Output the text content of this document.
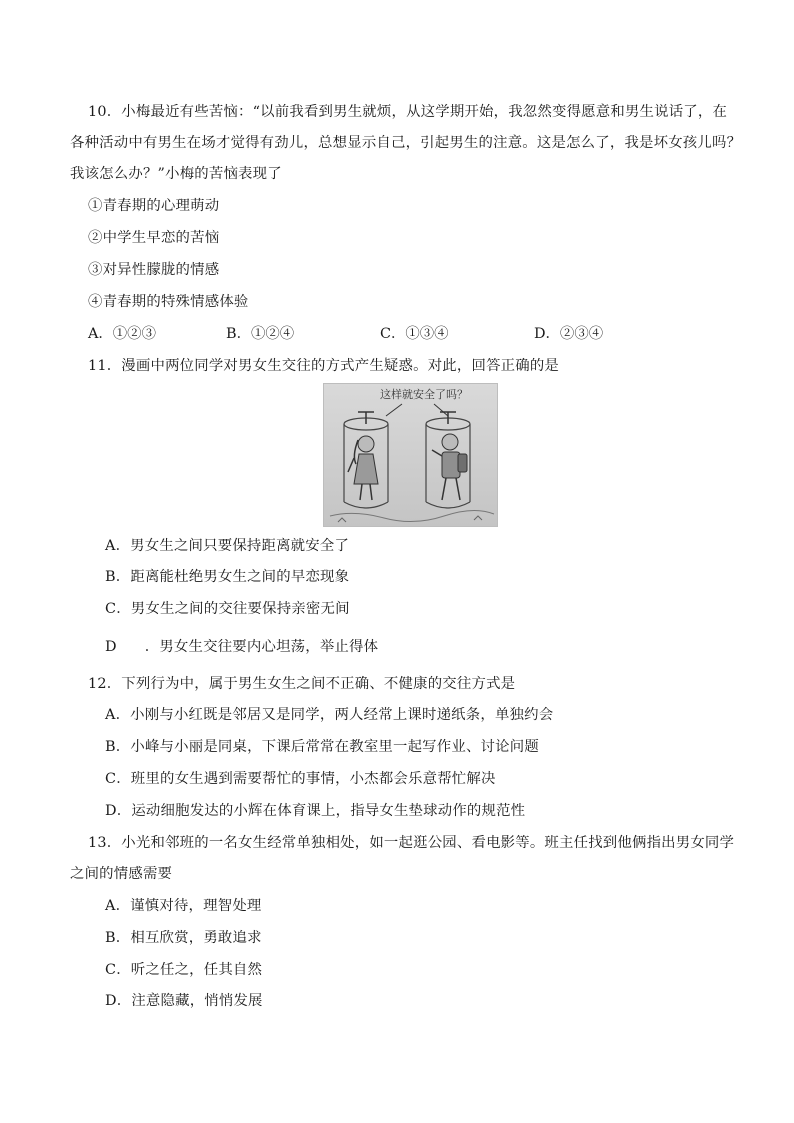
10．小梅最近有些苦恼：“以前我看到男生就烦，从这学期开始，我忽然变得愿意和男生说话了，在
各种活动中有男生在场才觉得有劲儿，总想显示自己，引起男生的注意。这是怎么了，我是坏女孩儿吗？
我该怎么办？”小梅的苦恼表现了
①青春期的心理萌动
②中学生早恋的苦恼
③对异性朦胧的情感
④青春期的特殊情感体验
A．①②③	B．①②④	C．①③④	D．②③④
11．漫画中两位同学对男女生交往的方式产生疑惑。对此，回答正确的是
这样就安全了吗？
A．男女生之间只要保持距离就安全了
B．距离能杜绝男女生之间的早恋现象
C．男女生之间的交往要保持亲密无间
D ．男女生交往要内心坦荡，举止得体
12．下列行为中，属于男生女生之间不正确、不健康的交往方式是
A．小刚与小红既是邻居又是同学，两人经常上课时递纸条，单独约会
B．小峰与小丽是同桌，下课后常常在教室里一起写作业、讨论问题
C．班里的女生遇到需要帮忙的事情，小杰都会乐意帮忙解决
D．运动细胞发达的小辉在体育课上，指导女生垫球动作的规范性
13．小光和邻班的一名女生经常单独相处，如一起逛公园、看电影等。班主任找到他俩指出男女同学
之间的情感需要
A．谨慎对待，理智处理
B．相互欣赏，勇敢追求
C．听之任之，任其自然
D．注意隐藏，悄悄发展
